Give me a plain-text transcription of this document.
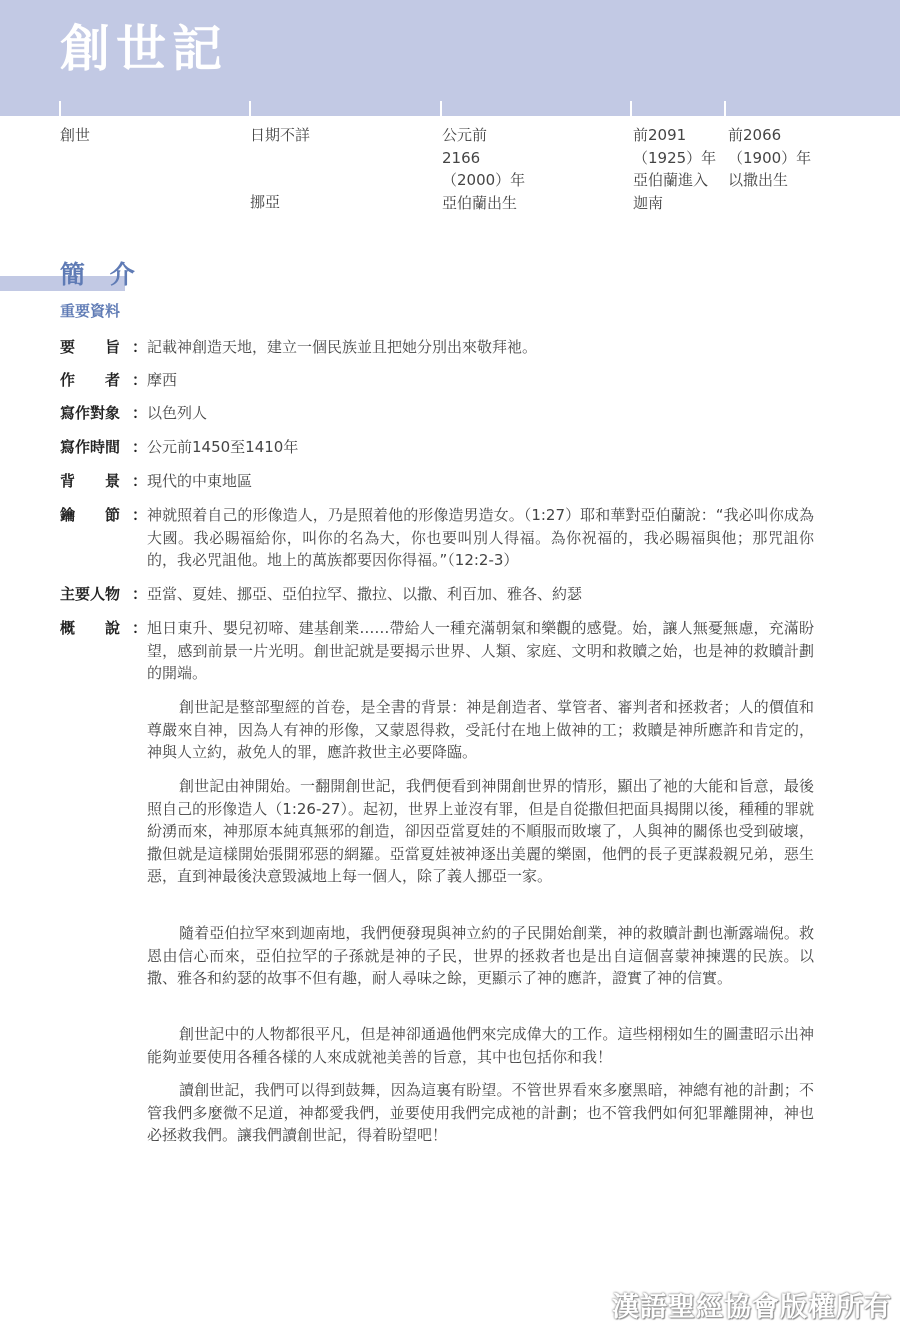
創世記
創世	日期不詳
挪亞
公元前
2166
（2000）年
亞伯蘭出生
前2091
（1925）年
亞伯蘭進入
迦南
前2066
（1900）年
以撒出生
簡 介
重要資料
要　　旨 ： 記載神創造天地，建立一個民族並且把她分別出來敬拜祂。
作　　者 ： 摩西
寫作對象 ： 以色列人
寫作時間 ： 公元前1450至1410年
背　　景 ： 現代的中東地區
鑰　　節 ： 神就照着自己的形像造人，乃是照着他的形像造男造女。（1:27）耶和華對亞伯蘭說：“我必叫你成為大國。我必賜福給你，叫你的名為大，你也要叫別人得福。為你祝福的，我必賜福與他；那咒詛你的，我必咒詛他。地上的萬族都要因你得福。”（12:2-3）
主要人物 ： 亞當、夏娃、挪亞、亞伯拉罕、撒拉、以撒、利百加、雅各、約瑟
概　　說 ： 旭日東升、嬰兒初啼、建基創業……帶給人一種充滿朝氣和樂觀的感覺。始，讓人無憂無慮，充滿盼望，感到前景一片光明。創世記就是要揭示世界、人類、家庭、文明和救贖之始，也是神的救贖計劃的開端。

創世記是整部聖經的首卷，是全書的背景：神是創造者、掌管者、審判者和拯救者；人的價值和尊嚴來自神，因為人有神的形像，又蒙恩得救，受託付在地上做神的工；救贖是神所應許和肯定的，神與人立約，赦免人的罪，應許救世主必要降臨。

創世記由神開始。一翻開創世記，我們便看到神開創世界的情形，顯出了祂的大能和旨意，最後照自己的形像造人（1:26-27）。起初，世界上並沒有罪，但是自從撒但把面具揭開以後，種種的罪就紛湧而來，神那原本純真無邪的創造，卻因亞當夏娃的不順服而敗壞了，人與神的關係也受到破壞，撒但就是這樣開始張開邪惡的網羅。亞當夏娃被神逐出美麗的樂園，他們的長子更謀殺親兄弟，惡生惡，直到神最後決意毀滅地上每一個人，除了義人挪亞一家。

隨着亞伯拉罕來到迦南地，我們便發現與神立約的子民開始創業，神的救贖計劃也漸露端倪。救恩由信心而來，亞伯拉罕的子孫就是神的子民，世界的拯救者也是出自這個喜蒙神揀選的民族。以撒、雅各和約瑟的故事不但有趣，耐人尋味之餘，更顯示了神的應許，證實了神的信實。

創世記中的人物都很平凡，但是神卻通過他們來完成偉大的工作。這些栩栩如生的圖畫昭示出神能夠並要使用各種各樣的人來成就祂美善的旨意，其中也包括你和我！

讀創世記，我們可以得到鼓舞，因為這裏有盼望。不管世界看來多麼黑暗，神總有祂的計劃；不管我們多麼微不足道，神都愛我們，並要使用我們完成祂的計劃；也不管我們如何犯罪離開神，神也必拯救我們。讓我們讀創世記，得着盼望吧！

漢語聖經協會版權所有
